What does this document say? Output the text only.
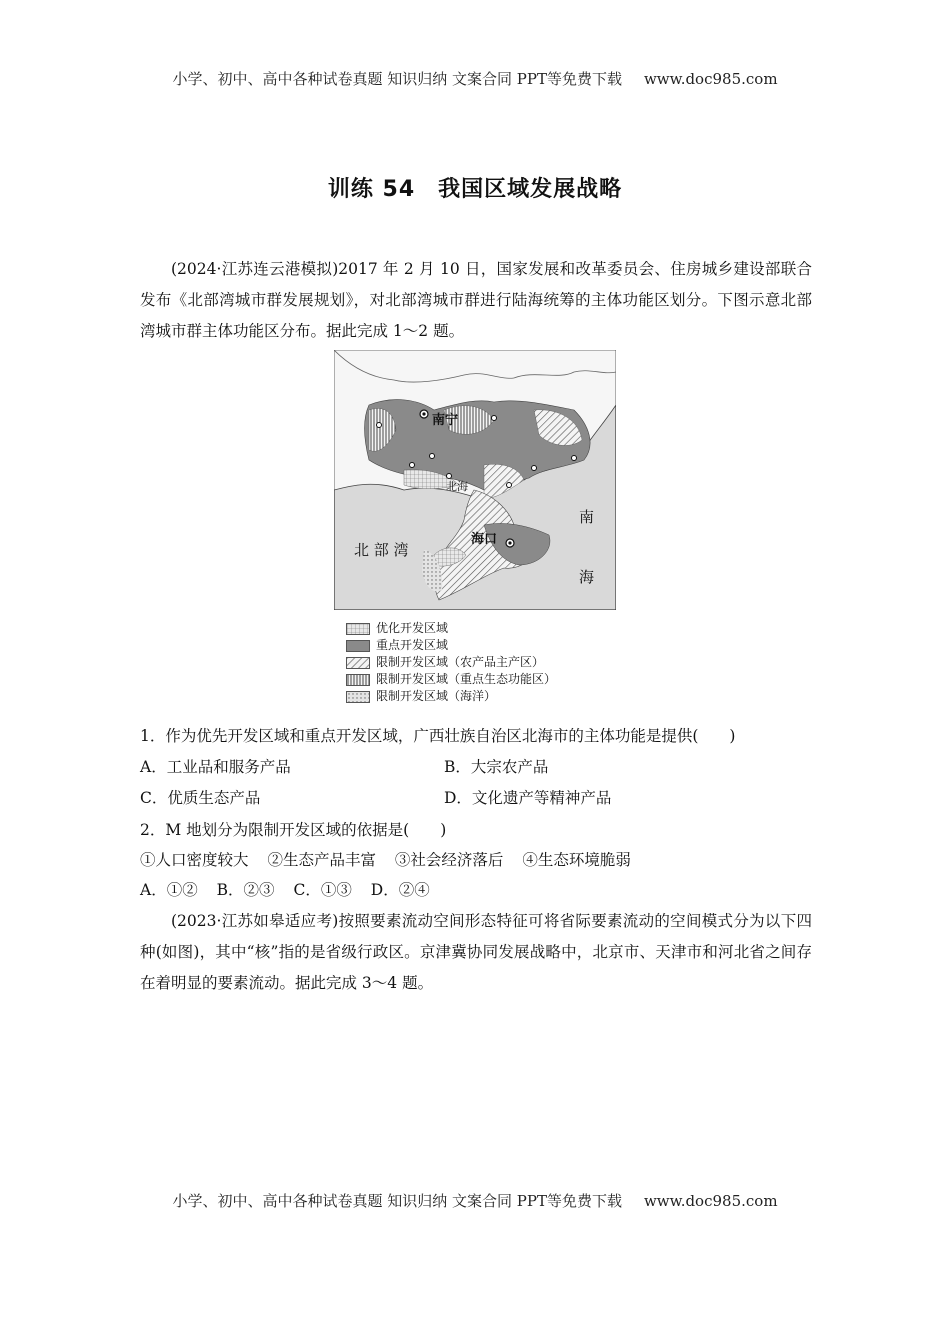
小学、初中、高中各种试卷真题 知识归纳 文案合同 PPT等免费下载 www.doc985.com
训练 54　我国区域发展战略

(2024·江苏连云港模拟)2017 年 2 月 10 日，国家发展和改革委员会、住房城乡建设部联合发布《北部湾城市群发展规划》，对北部湾城市群进行陆海统筹的主体功能区划分。下图示意北部湾城市群主体功能区分布。据此完成 1～2 题。

南宁
北海
海口
北 部 湾
南
海
优化开发区域
重点开发区域
限制开发区域（农产品主产区）
限制开发区域（重点生态功能区）
限制开发区域（海洋）
1．作为优先开发区域和重点开发区域，广西壮族自治区北海市的主体功能是提供(　　)
A．工业品和服务产品	B．大宗农产品
C．优质生态产品	D．文化遗产等精神产品
2．M 地划分为限制开发区域的依据是(　　)
①人口密度较大 ②生态产品丰富 ③社会经济落后 ④生态环境脆弱
A．①② B．②③ C．①③ D．②④

(2023·江苏如皋适应考)按照要素流动空间形态特征可将省际要素流动的空间模式分为以下四种(如图)，其中“核”指的是省级行政区。京津冀协同发展战略中，北京市、天津市和河北省之间存在着明显的要素流动。据此完成 3～4 题。

小学、初中、高中各种试卷真题 知识归纳 文案合同 PPT等免费下载 www.doc985.com
